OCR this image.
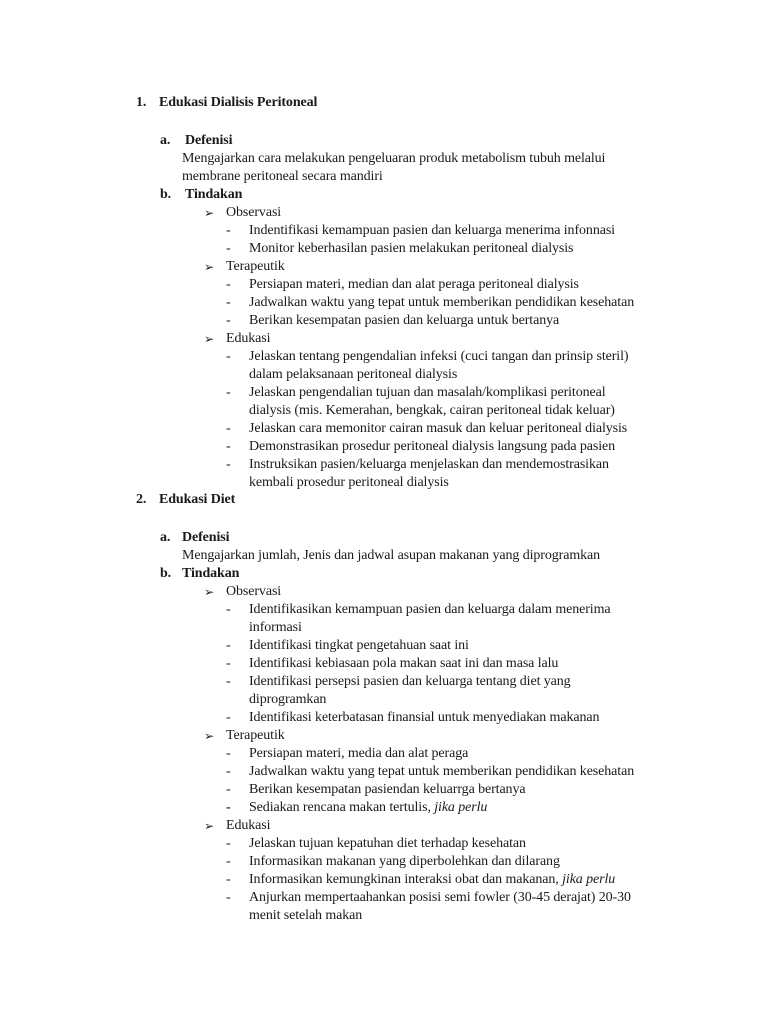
1. Edukasi Dialisis Peritoneal
a. Defenisi
Mengajarkan cara melakukan pengeluaran produk metabolism tubuh melalui
membrane peritoneal secara mandiri
b. Tindakan
➢ Observasi
- Indentifikasi kemampuan pasien dan keluarga menerima infonnasi
- Monitor keberhasilan pasien melakukan peritoneal dialysis
➢ Terapeutik
- Persiapan materi, median dan alat peraga peritoneal dialysis
- Jadwalkan waktu yang tepat untuk memberikan pendidikan kesehatan
- Berikan kesempatan pasien dan keluarga untuk bertanya
➢ Edukasi
- Jelaskan tentang pengendalian infeksi (cuci tangan dan prinsip steril)
dalam pelaksanaan peritoneal dialysis
- Jelaskan pengendalian tujuan dan masalah/komplikasi peritoneal
dialysis (mis. Kemerahan, bengkak, cairan peritoneal tidak keluar)
- Jelaskan cara memonitor cairan masuk dan keluar peritoneal dialysis
- Demonstrasikan prosedur peritoneal dialysis langsung pada pasien
- Instruksikan pasien/keluarga menjelaskan dan mendemostrasikan
kembali prosedur peritoneal dialysis
2. Edukasi Diet
a. Defenisi
Mengajarkan jumlah, Jenis dan jadwal asupan makanan yang diprogramkan
b. Tindakan
➢ Observasi
- Identifikasikan kemampuan pasien dan keluarga dalam menerima
informasi
- Identifikasi tingkat pengetahuan saat ini
- Identifikasi kebiasaan pola makan saat ini dan masa lalu
- Identifikasi persepsi pasien dan keluarga tentang diet yang
diprogramkan
- Identifikasi keterbatasan finansial untuk menyediakan makanan
➢ Terapeutik
- Persiapan materi, media dan alat peraga
- Jadwalkan waktu yang tepat untuk memberikan pendidikan kesehatan
- Berikan kesempatan pasiendan keluarrga bertanya
- Sediakan rencana makan tertulis, jika perlu
➢ Edukasi
- Jelaskan tujuan kepatuhan diet terhadap kesehatan
- Informasikan makanan yang diperbolehkan dan dilarang
- Informasikan kemungkinan interaksi obat dan makanan, jika perlu
- Anjurkan mempertaahankan posisi semi fowler (30-45 derajat) 20-30
menit setelah makan
